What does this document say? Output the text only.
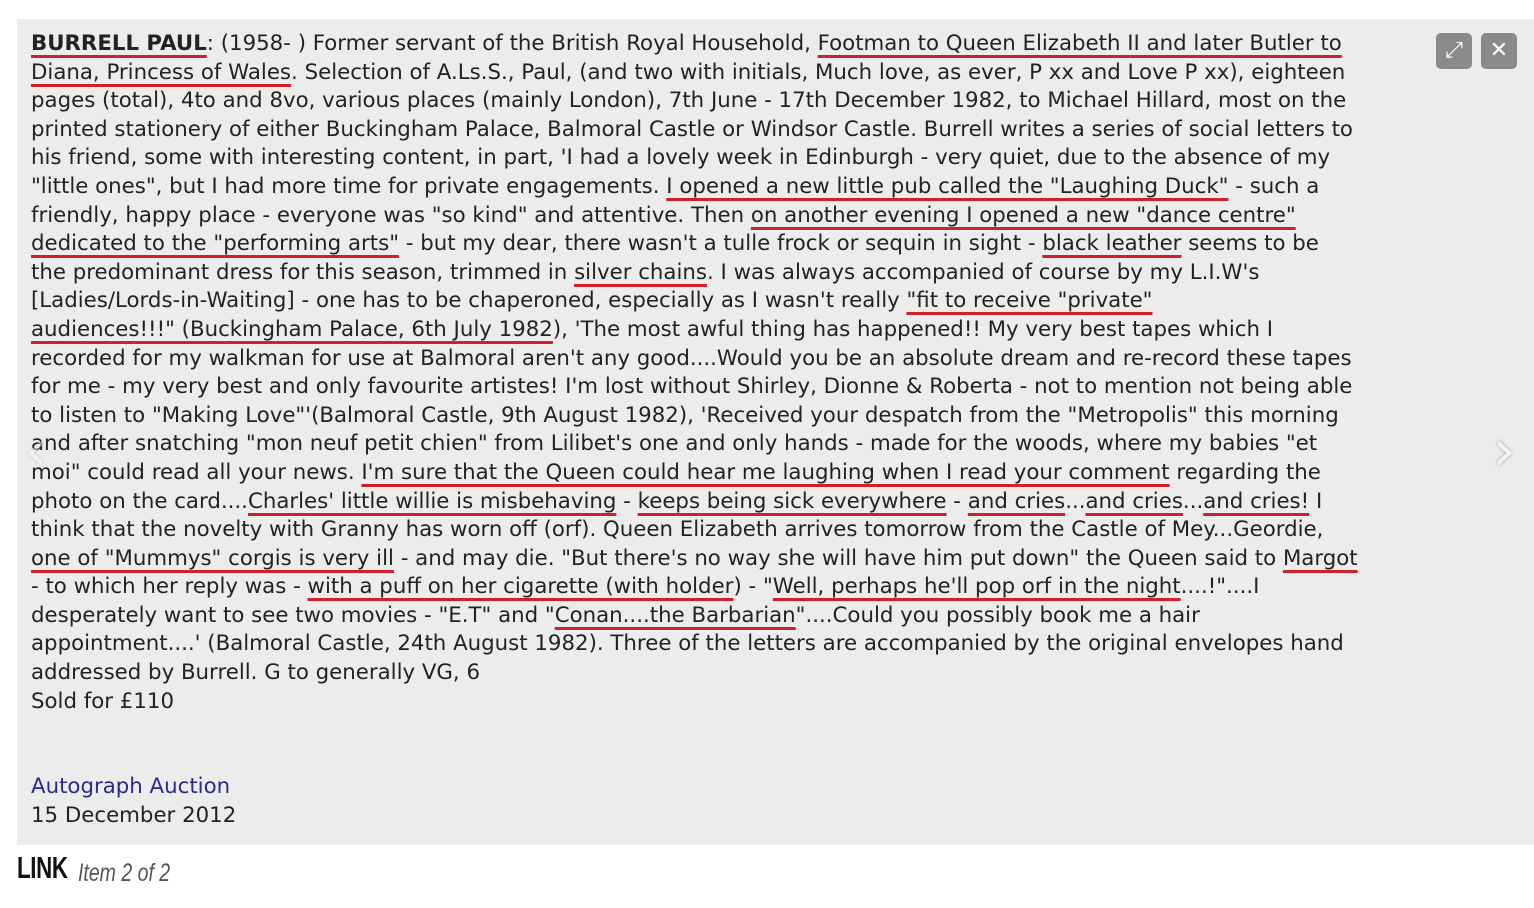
BURRELL PAUL: (1958- ) Former servant of the British Royal Household, Footman to Queen Elizabeth II and later Butler to
Diana, Princess of Wales. Selection of A.Ls.S., Paul, (and two with initials, Much love, as ever, P xx and Love P xx), eighteen
pages (total), 4to and 8vo, various places (mainly London), 7th June - 17th December 1982, to Michael Hillard, most on the
printed stationery of either Buckingham Palace, Balmoral Castle or Windsor Castle. Burrell writes a series of social letters to
his friend, some with interesting content, in part, 'I had a lovely week in Edinburgh - very quiet, due to the absence of my
"little ones", but I had more time for private engagements. I opened a new little pub called the "Laughing Duck" - such a
friendly, happy place - everyone was "so kind" and attentive. Then on another evening I opened a new "dance centre"
dedicated to the "performing arts" - but my dear, there wasn't a tulle frock or sequin in sight - black leather seems to be
the predominant dress for this season, trimmed in silver chains. I was always accompanied of course by my L.I.W's
[Ladies/Lords-in-Waiting] - one has to be chaperoned, especially as I wasn't really "fit to receive "private"
audiences!!!" (Buckingham Palace, 6th July 1982), 'The most awful thing has happened!! My very best tapes which I
recorded for my walkman for use at Balmoral aren't any good....Would you be an absolute dream and re-record these tapes
for me - my very best and only favourite artistes! I'm lost without Shirley, Dionne & Roberta - not to mention not being able
to listen to "Making Love"'(Balmoral Castle, 9th August 1982), 'Received your despatch from the "Metropolis" this morning
and after snatching "mon neuf petit chien" from Lilibet's one and only hands - made for the woods, where my babies "et
moi" could read all your news. I'm sure that the Queen could hear me laughing when I read your comment regarding the
photo on the card....Charles' little willie is misbehaving - keeps being sick everywhere - and cries...and cries...and cries! I
think that the novelty with Granny has worn off (orf). Queen Elizabeth arrives tomorrow from the Castle of Mey...Geordie,
one of "Mummys" corgis is very ill - and may die. "But there's no way she will have him put down" the Queen said to Margot
- to which her reply was - with a puff on her cigarette (with holder) - "Well, perhaps he'll pop orf in the night....!"....I
desperately want to see two movies - "E.T" and "Conan....the Barbarian"....Could you possibly book me a hair
appointment....' (Balmoral Castle, 24th August 1982). Three of the letters are accompanied by the original envelopes hand
addressed by Burrell. G to generally VG, 6
Sold for £110
Autograph Auction
15 December 2012
⤢	✕
‹	›
LINK Item 2 of 2
